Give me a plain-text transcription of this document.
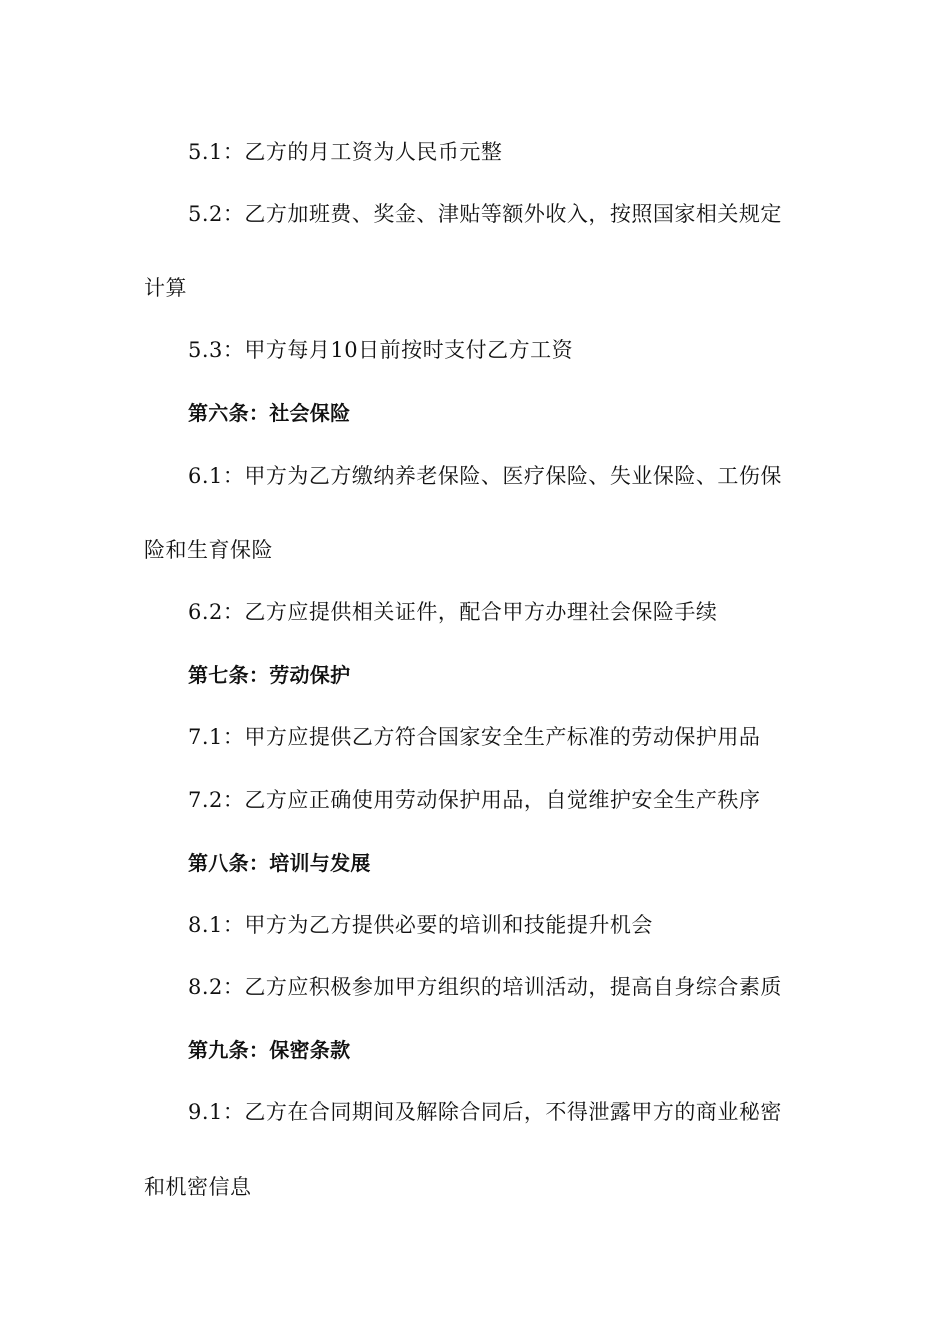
5.1：乙方的月工资为人民币元整
5.2：乙方加班费、奖金、津贴等额外收入，按照国家相关规定
计算
5.3：甲方每月10日前按时支付乙方工资
第六条：社会保险
6.1：甲方为乙方缴纳养老保险、医疗保险、失业保险、工伤保
险和生育保险
6.2：乙方应提供相关证件，配合甲方办理社会保险手续
第七条：劳动保护
7.1：甲方应提供乙方符合国家安全生产标准的劳动保护用品
7.2：乙方应正确使用劳动保护用品，自觉维护安全生产秩序
第八条：培训与发展
8.1：甲方为乙方提供必要的培训和技能提升机会
8.2：乙方应积极参加甲方组织的培训活动，提高自身综合素质
第九条：保密条款
9.1：乙方在合同期间及解除合同后，不得泄露甲方的商业秘密
和机密信息
